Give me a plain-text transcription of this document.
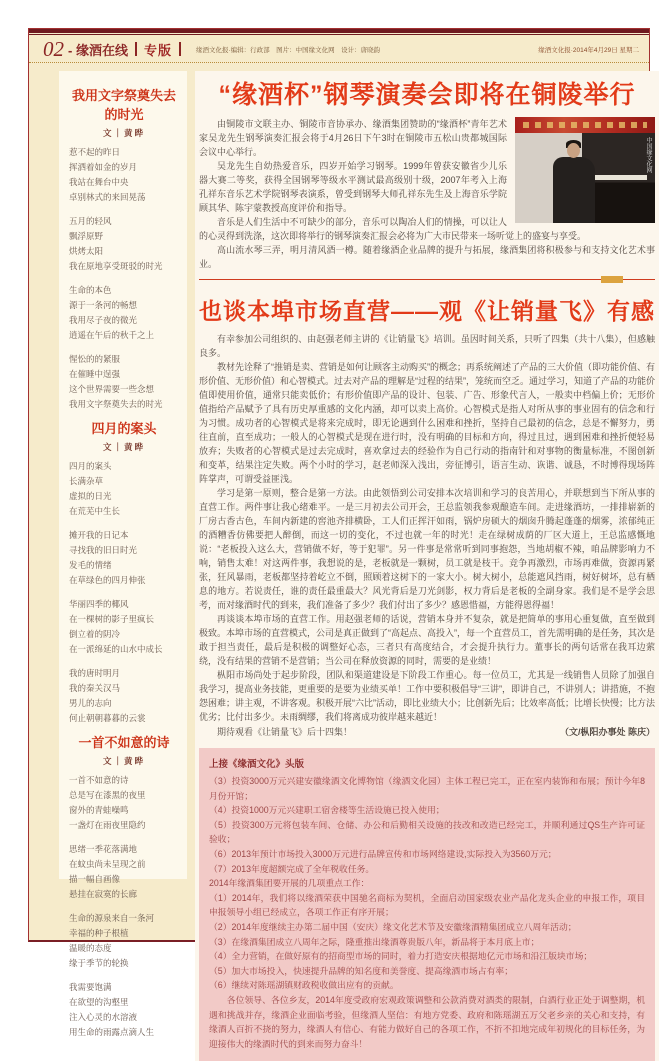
02 - 缘酒在线 专版	缘酒文化报·编辑：行政部　图片：中国缘文化网　设计：唐晓韵	缘酒文化报·2014年4月29日 星期二
我用文字祭奠失去的时光
文｜黄晔
惹不起的昨日
挥洒着如金的岁月
我站在舞台中央
卓别林式的来回晃荡
五月的轻风
飘浮原野
烘烤太阳
我在原地享受斑驳的时光
生命的本色
源于一条河的畅想
我用尽子夜的微光
逍遥在午后的秋千之上
惺忪的的紧服
在催睡中逞强
这个世界需要一些念想
我用文字祭奠失去的时光
四月的案头
文｜黄晔
四月的案头
长满杂草
虚拟的日光
在荒芜中生长
摊开我的日记本
寻找我的旧日时光
发毛的情绪
在草绿色的四月伸张
华丽四季的椰风
在一棵树的影子里疯长
倒立着的阴冷
在一派绵延的山水中成长
我的唐时明月
我的秦关汉马
男儿的志向
何止朝朝暮暮的云裳
一首不如意的诗
文｜黄晔
一首不如意的诗
总是写在漆黑的夜里
窗外的青蛙噪鸣
一盏灯在雨夜里隐约
思绪一季花落满地
在蚊虫尚未呈现之前
描一幅自画像
悬挂在寂寞的长廊
生命的源泉来自一条河
幸福的种子根植
温暖的态度
缘于季节的轮换
我需要饱满
在欲望的沟壑里
注入心灵的水溶液
用生命的雨露点滴人生
“缘酒杯”钢琴演奏会即将在铜陵举行
中国缘文化网
由铜陵市文联主办、铜陵市音协承办、缘酒集团赞助的“缘酒杯”青年艺术家吴龙先生钢琴演奏汇报会将于4月26日下午3时在铜陵市五松山贵都城国际会议中心举行。
吴龙先生自幼热爱音乐，四岁开始学习钢琴。1999年曾获安徽省少儿乐器大赛二等奖，获得全国钢琴等级水平测试最高级别十级，2007年考入上海孔祥东音乐艺术学院钢琴表演系，曾受到钢琴大师孔祥东先生及上海音乐学院顾其华、陈宇蒙教授高度评价和指导。
音乐是人们生活中不可缺少的部分，音乐可以陶冶人们的情操，可以让人的心灵得到洗涤，这次即将举行的钢琴演奏汇报会必将为广大市民带来一场听觉上的盛宴与享受。
高山流水琴三弄，明月清风酒一樽。随着缘酒企业品牌的提升与拓展，缘酒集团将积极参与和支持文化艺术事业。
也谈本埠市场直营——观《让销量飞》有感
有幸参加公司组织的、由赵强老师主讲的《让销量飞》培训。虽因时间关系，只听了四集（共十八集），但感触良多。
教材先诠释了“推销是卖、营销是如何让顾客主动购买”的概念；再系统阐述了产品的三大价值（即功能价值、有形价值、无形价值）和心智模式。过去对产品的理解是“过程的结果”，笼统而空乏。通过学习，知道了产品的功能价值即使用价值，通常只能卖低价；有形价值即产品的设计、包装、广告、形象代言人，一般卖中档偏上价；无形价值指给产品赋予了具有历史厚重感的文化内涵，却可以卖上高价。心智模式是指人对所从事的事业固有的信念和行为习惯。成功者的心智模式是将来完成时，即无论遇到什么困难和挫折，坚持自己最初的信念，总是不懈努力，勇往直前，直至成功；一般人的心智模式是现在进行时，没有明确的目标和方向，得过且过，遇到困难和挫折便轻易放弃；失败者的心智模式是过去完成时，喜欢拿过去的经验作为自己行动的指南针和对事物的衡量标准，不图创新和变革，结果注定失败。两个小时的学习，赵老师深入浅出，旁征博引，语言生动、诙谐、诚恳，不时博得现场阵阵掌声，可谓受益匪浅。
学习是第一原则，整合是第一方法。由此领悟到公司安排本次培训和学习的良苦用心，并联想到当下所从事的直营工作。两件事让我心绪难平。一是三月初去公司开会，王总监领我参观酿造车间。走进缘酒坊，一排排崭新的厂房古香古色，车间内新建的窖池齐排横卧，工人们正挥汗如雨，锅炉房硕大的烟囱升腾起蓬蓬的烟雾，浓郁纯正的酒糟香仿佛要把人醉倒，而这一切的变化，不过也就一年的时光！走在绿树成荫的厂区大道上，王总监感慨地说：“老板投入这么大，营销做不好，等于犯罪”。另一件事是常常听到同事抱怨，当地胡椒不辣，咱品牌影响力不响，销售太难！对这两件事，我想说的是，老板就是一颗树，员工就是枝干。竞争再激烈，市场再难做，资源再紧张，狂风暴雨，老板都坚持着屹立不倒，照顾着这树下的一家大小。树大树小，总能遮风挡雨，树好树坏，总有栖息的地方。若说责任，谁的责任最重最大？风光背后是刀光剑影，权力背后是老板的全副身家。我们是不是学会思考，而对缘酒时代的到来，我们准备了多少？我们付出了多少？感恩惜福，方能得恩得福！
再谈谈本埠市场的直营工作。用赵强老师的话说，营销本身并不复杂，就是把简单的事用心重复做，直至做到极致。本埠市场的直营模式，公司是真正做到了“高起点、高投入”，每一个直营员工，首先需明确的是任务，其次是敢于担当责任，最后是积极的调整好心态，三者只有高度结合，才会提升执行力。董事长的两句话常在我耳边萦绕，没有结果的营销不是营销；当公司在释放资源的同时，需要的是业绩！
枞阳市场尚处于起步阶段，团队和渠道建设是下阶段工作重心。每一位员工，尤其是一线销售人员除了加强自我学习，提高业务技能，更重要的是要为业绩买单！工作中要积极倡导“三讲”，即讲自己，不讲别人；讲措施，不抱怨困难；讲主观，不讲客观。积极开展“六比”活动，即比业绩大小；比创新先后；比效率高低；比增长快慢；比方法优劣；比付出多少。未雨绸缪，我们将离成功彼岸越来越近！
期待观看《让销量飞》后十四集！	（文/枞阳办事处 陈庆）
上接《缘酒文化》头版
（3）投资3000万元兴建安徽缘酒文化博物馆（缘酒文化园）主体工程已完工，正在室内装饰和布展；预计今年8月份开馆；
（4）投资1000万元兴建职工宿舍楼等生活设施已投入使用；
（5）投资300万元将包装车间、仓储、办公和后勤相关设施的技改和改造已经完工，并顺利通过QS生产许可证验收；
（6）2013年预计市场投入3000万元进行品牌宣传和市场网络建设,实际投入为3560万元；
（7）2013年度超额完成了全年税收任务。
2014年缘酒集团要开展的几项重点工作：
（1）2014年，我们将以缘酒荣获中国驰名商标为契机，全面启动国家级农业产品化龙头企业的申报工作，项目申报领导小组已经成立，各项工作正有序开展；
（2）2014年度继续主办第二届中国（安庆）缘文化艺术节及安徽缘酒精集团成立八周年活动；
（3）在缘酒集团成立八周年之际，隆重推出缘酒尊贵版八年，新品将于本月底上市；
（4）全力营销，在做好原有的招商型市场的同时，着力打造安庆根据地亿元市场和沿江版块市场；
（5）加大市场投入，快速提升品牌的知名度和美誉度、提高缘酒市场占有率；
（6）继续对陈瑶湖镇财政税收做出应有的贡献。
　　各位领导、各位乡友，2014年度受政府宏观政策调整和公款消费对酒类的限制，白酒行业正处于调整期，机遇和挑战并存，缘酒企业面临考验，但缘酒人坚信：有地方党委、政府和陈瑶湖五万父老乡亲的关心和支持，有缘酒人百折不挠的努力，缘酒人有信心、有能力做好自己的各项工作，不折不扣地完成年初规化的目标任务，为迎接伟大的缘酒时代的到来而努力奋斗！
